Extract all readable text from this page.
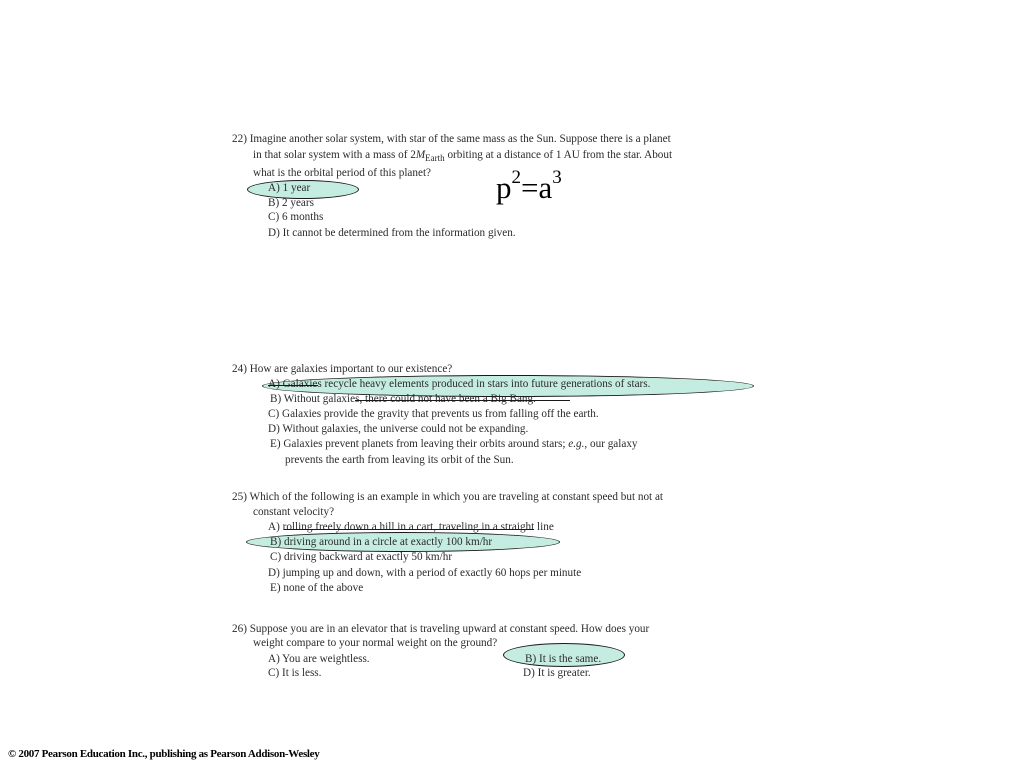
22) Imagine another solar system, with star of the same mass as the Sun. Suppose there is a planet
in that solar system with a mass of $2M_{Earth}$ orbiting at a distance of 1 AU from the star. About
what is the orbital period of this planet?
A) 1 year
B) 2 years
C) 6 months
D) It cannot be determined from the information given.
$p^2=a^3$
24) How are galaxies important to our existence?
A) Galaxies recycle heavy elements produced in stars into future generations of stars.
B) Without galaxies, there could not have been a Big Bang.
C) Galaxies provide the gravity that prevents us from falling off the earth.
D) Without galaxies, the universe could not be expanding.
E) Galaxies prevent planets from leaving their orbits around stars; e.g., our galaxy
prevents the earth from leaving its orbit of the Sun.
25) Which of the following is an example in which you are traveling at constant speed but not at
constant velocity?
A) rolling freely down a hill in a cart, traveling in a straight line
B) driving around in a circle at exactly 100 km/hr
C) driving backward at exactly 50 km/hr
D) jumping up and down, with a period of exactly 60 hops per minute
E) none of the above
26) Suppose you are in an elevator that is traveling upward at constant speed. How does your
weight compare to your normal weight on the ground?
A) You are weightless.	B) It is the same.
C) It is less.	D) It is greater.
© 2007 Pearson Education Inc., publishing as Pearson Addison-Wesley
